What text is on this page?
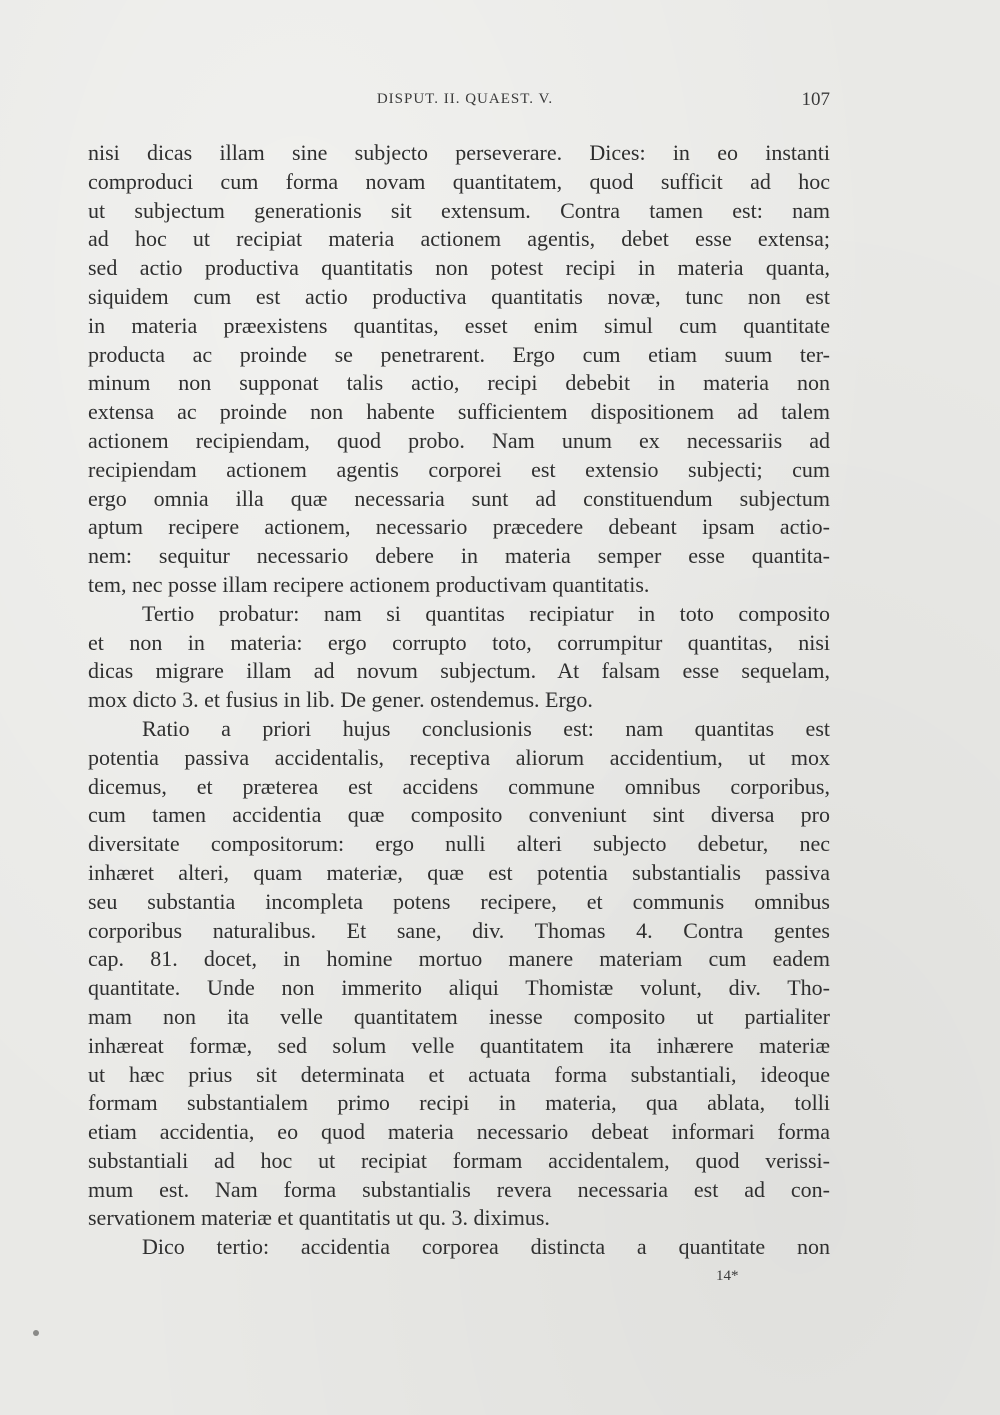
DISPUT. II. QUAEST. V.	107
nisi dicas illam sine subjecto perseverare. Dices: in eo instanti
comproduci cum forma novam quantitatem, quod sufficit ad hoc
ut subjectum generationis sit extensum. Contra tamen est: nam
ad hoc ut recipiat materia actionem agentis, debet esse extensa;
sed actio productiva quantitatis non potest recipi in materia quanta,
siquidem cum est actio productiva quantitatis novæ, tunc non est
in materia præexistens quantitas, esset enim simul cum quantitate
producta ac proinde se penetrarent. Ergo cum etiam suum ter-
minum non supponat talis actio, recipi debebit in materia non
extensa ac proinde non habente sufficientem dispositionem ad talem
actionem recipiendam, quod probo. Nam unum ex necessariis ad
recipiendam actionem agentis corporei est extensio subjecti; cum
ergo omnia illa quæ necessaria sunt ad constituendum subjectum
aptum recipere actionem, necessario præcedere debeant ipsam actio-
nem: sequitur necessario debere in materia semper esse quantita-
tem, nec posse illam recipere actionem productivam quantitatis.
Tertio probatur: nam si quantitas recipiatur in toto composito
et non in materia: ergo corrupto toto, corrumpitur quantitas, nisi
dicas migrare illam ad novum subjectum. At falsam esse sequelam,
mox dicto 3. et fusius in lib. De gener. ostendemus. Ergo.
Ratio a priori hujus conclusionis est: nam quantitas est
potentia passiva accidentalis, receptiva aliorum accidentium, ut mox
dicemus, et præterea est accidens commune omnibus corporibus,
cum tamen accidentia quæ composito conveniunt sint diversa pro
diversitate compositorum: ergo nulli alteri subjecto debetur, nec
inhæret alteri, quam materiæ, quæ est potentia substantialis passiva
seu substantia incompleta potens recipere, et communis omnibus
corporibus naturalibus. Et sane, div. Thomas 4. Contra gentes
cap. 81. docet, in homine mortuo manere materiam cum eadem
quantitate. Unde non immerito aliqui Thomistæ volunt, div. Tho-
mam non ita velle quantitatem inesse composito ut partialiter
inhæreat formæ, sed solum velle quantitatem ita inhærere materiæ
ut hæc prius sit determinata et actuata forma substantiali, ideoque
formam substantialem primo recipi in materia, qua ablata, tolli
etiam accidentia, eo quod materia necessario debeat informari forma
substantiali ad hoc ut recipiat formam accidentalem, quod verissi-
mum est. Nam forma substantialis revera necessaria est ad con-
servationem materiæ et quantitatis ut qu. 3. diximus.
Dico tertio: accidentia corporea distincta a quantitate non
14*
